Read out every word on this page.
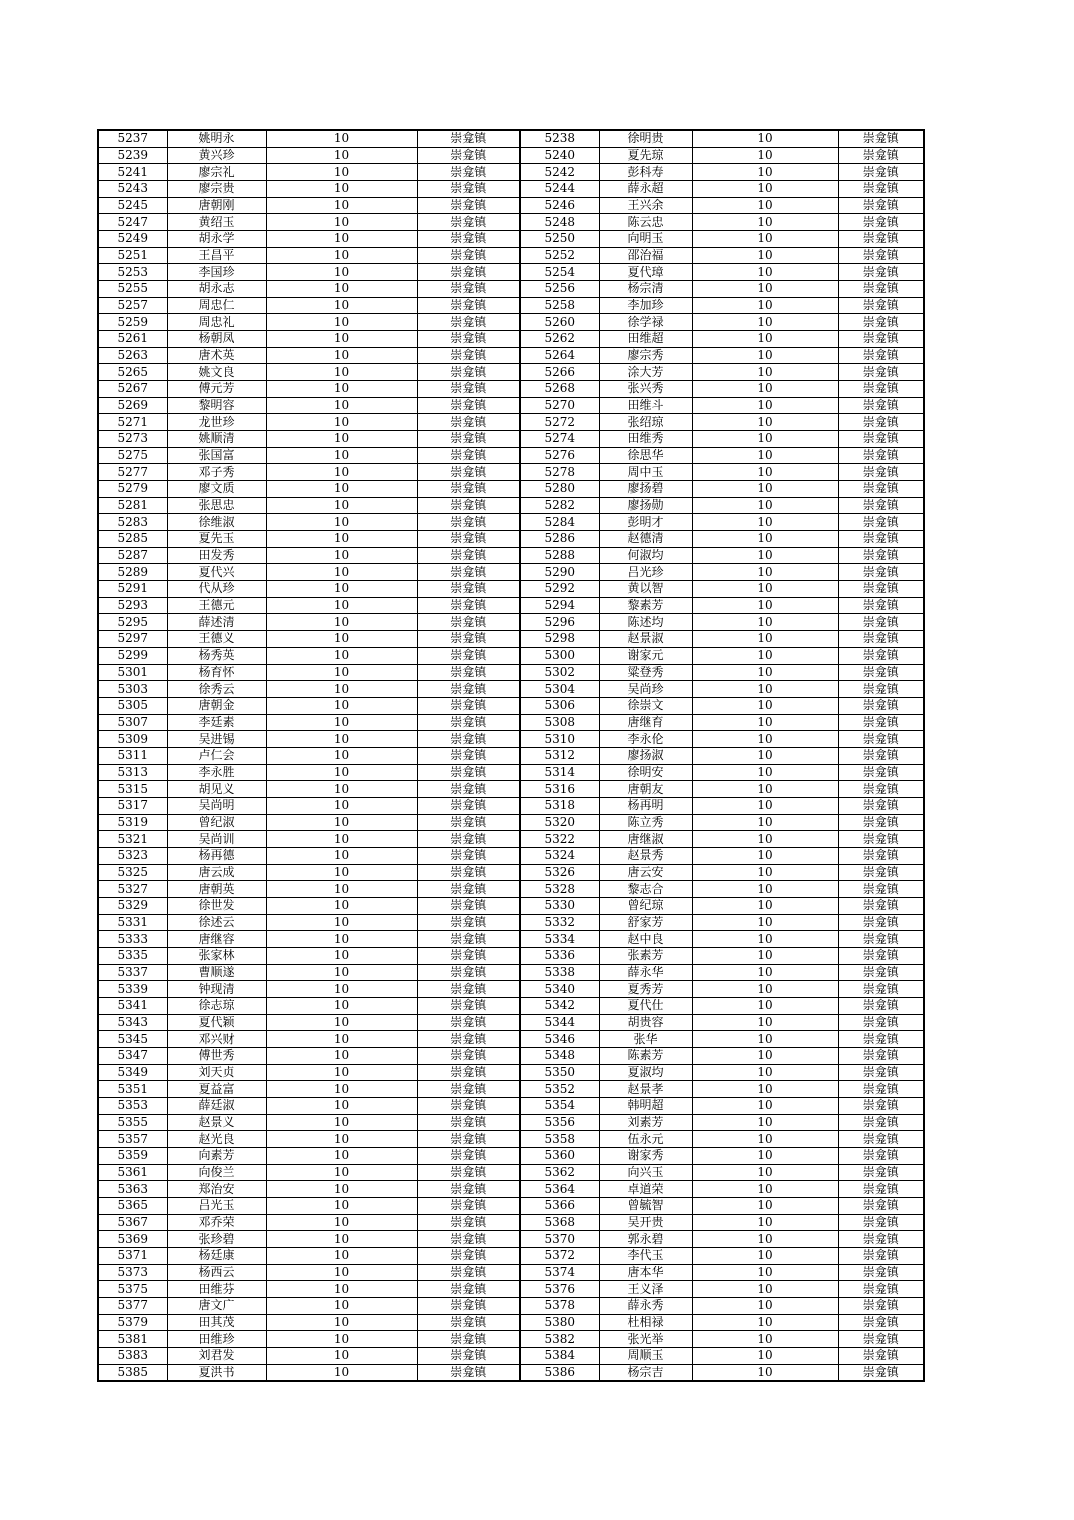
5237	姚明永	10	崇龛镇	5238	徐明贵	10	崇龛镇
5239	黄兴珍	10	崇龛镇	5240	夏先琼	10	崇龛镇
5241	廖宗礼	10	崇龛镇	5242	彭科寿	10	崇龛镇
5243	廖宗贵	10	崇龛镇	5244	薛永超	10	崇龛镇
5245	唐朝刚	10	崇龛镇	5246	王兴余	10	崇龛镇
5247	黄绍玉	10	崇龛镇	5248	陈云忠	10	崇龛镇
5249	胡永学	10	崇龛镇	5250	向明玉	10	崇龛镇
5251	王昌平	10	崇龛镇	5252	邵治福	10	崇龛镇
5253	李国珍	10	崇龛镇	5254	夏代璋	10	崇龛镇
5255	胡永志	10	崇龛镇	5256	杨宗清	10	崇龛镇
5257	周忠仁	10	崇龛镇	5258	李加珍	10	崇龛镇
5259	周忠礼	10	崇龛镇	5260	徐学禄	10	崇龛镇
5261	杨朝凤	10	崇龛镇	5262	田维超	10	崇龛镇
5263	唐术英	10	崇龛镇	5264	廖宗秀	10	崇龛镇
5265	姚文良	10	崇龛镇	5266	涂大芳	10	崇龛镇
5267	傅元芳	10	崇龛镇	5268	张兴秀	10	崇龛镇
5269	黎明容	10	崇龛镇	5270	田维斗	10	崇龛镇
5271	龙世珍	10	崇龛镇	5272	张绍琼	10	崇龛镇
5273	姚顺清	10	崇龛镇	5274	田维秀	10	崇龛镇
5275	张国富	10	崇龛镇	5276	徐思华	10	崇龛镇
5277	邓子秀	10	崇龛镇	5278	周中玉	10	崇龛镇
5279	廖文质	10	崇龛镇	5280	廖扬碧	10	崇龛镇
5281	张思忠	10	崇龛镇	5282	廖扬勋	10	崇龛镇
5283	徐维淑	10	崇龛镇	5284	彭明才	10	崇龛镇
5285	夏先玉	10	崇龛镇	5286	赵德清	10	崇龛镇
5287	田发秀	10	崇龛镇	5288	何淑均	10	崇龛镇
5289	夏代兴	10	崇龛镇	5290	吕光珍	10	崇龛镇
5291	代从珍	10	崇龛镇	5292	黄以智	10	崇龛镇
5293	王德元	10	崇龛镇	5294	黎素芳	10	崇龛镇
5295	薛述清	10	崇龛镇	5296	陈述均	10	崇龛镇
5297	王德义	10	崇龛镇	5298	赵景淑	10	崇龛镇
5299	杨秀英	10	崇龛镇	5300	谢家元	10	崇龛镇
5301	杨育怀	10	崇龛镇	5302	粱登秀	10	崇龛镇
5303	徐秀云	10	崇龛镇	5304	吴尚珍	10	崇龛镇
5305	唐朝金	10	崇龛镇	5306	徐崇文	10	崇龛镇
5307	李廷素	10	崇龛镇	5308	唐继育	10	崇龛镇
5309	吴进锡	10	崇龛镇	5310	李永伦	10	崇龛镇
5311	卢仁会	10	崇龛镇	5312	廖扬淑	10	崇龛镇
5313	李永胜	10	崇龛镇	5314	徐明安	10	崇龛镇
5315	胡见义	10	崇龛镇	5316	唐朝友	10	崇龛镇
5317	吴尚明	10	崇龛镇	5318	杨再明	10	崇龛镇
5319	曾纪淑	10	崇龛镇	5320	陈立秀	10	崇龛镇
5321	吴尚训	10	崇龛镇	5322	唐继淑	10	崇龛镇
5323	杨再德	10	崇龛镇	5324	赵景秀	10	崇龛镇
5325	唐云成	10	崇龛镇	5326	唐云安	10	崇龛镇
5327	唐朝英	10	崇龛镇	5328	黎志合	10	崇龛镇
5329	徐世发	10	崇龛镇	5330	曾纪琼	10	崇龛镇
5331	徐述云	10	崇龛镇	5332	舒家芳	10	崇龛镇
5333	唐继容	10	崇龛镇	5334	赵中良	10	崇龛镇
5335	张家林	10	崇龛镇	5336	张素芳	10	崇龛镇
5337	曹顺遂	10	崇龛镇	5338	薛永华	10	崇龛镇
5339	钟现清	10	崇龛镇	5340	夏秀芳	10	崇龛镇
5341	徐志琼	10	崇龛镇	5342	夏代仕	10	崇龛镇
5343	夏代颖	10	崇龛镇	5344	胡贵容	10	崇龛镇
5345	邓兴财	10	崇龛镇	5346	张华	10	崇龛镇
5347	傅世秀	10	崇龛镇	5348	陈素芳	10	崇龛镇
5349	刘天贞	10	崇龛镇	5350	夏淑均	10	崇龛镇
5351	夏益富	10	崇龛镇	5352	赵景孝	10	崇龛镇
5353	薛廷淑	10	崇龛镇	5354	韩明超	10	崇龛镇
5355	赵景义	10	崇龛镇	5356	刘素芳	10	崇龛镇
5357	赵光良	10	崇龛镇	5358	伍永元	10	崇龛镇
5359	向素芳	10	崇龛镇	5360	谢家秀	10	崇龛镇
5361	向俊兰	10	崇龛镇	5362	向兴玉	10	崇龛镇
5363	郑治安	10	崇龛镇	5364	卓道荣	10	崇龛镇
5365	吕光玉	10	崇龛镇	5366	曾毓智	10	崇龛镇
5367	邓乔荣	10	崇龛镇	5368	吴开贵	10	崇龛镇
5369	张珍碧	10	崇龛镇	5370	郭永碧	10	崇龛镇
5371	杨廷康	10	崇龛镇	5372	李代玉	10	崇龛镇
5373	杨西云	10	崇龛镇	5374	唐本华	10	崇龛镇
5375	田维芬	10	崇龛镇	5376	王义泽	10	崇龛镇
5377	唐文广	10	崇龛镇	5378	薛永秀	10	崇龛镇
5379	田其茂	10	崇龛镇	5380	杜相禄	10	崇龛镇
5381	田维珍	10	崇龛镇	5382	张光举	10	崇龛镇
5383	刘君发	10	崇龛镇	5384	周顺玉	10	崇龛镇
5385	夏洪书	10	崇龛镇	5386	杨宗吉	10	崇龛镇
